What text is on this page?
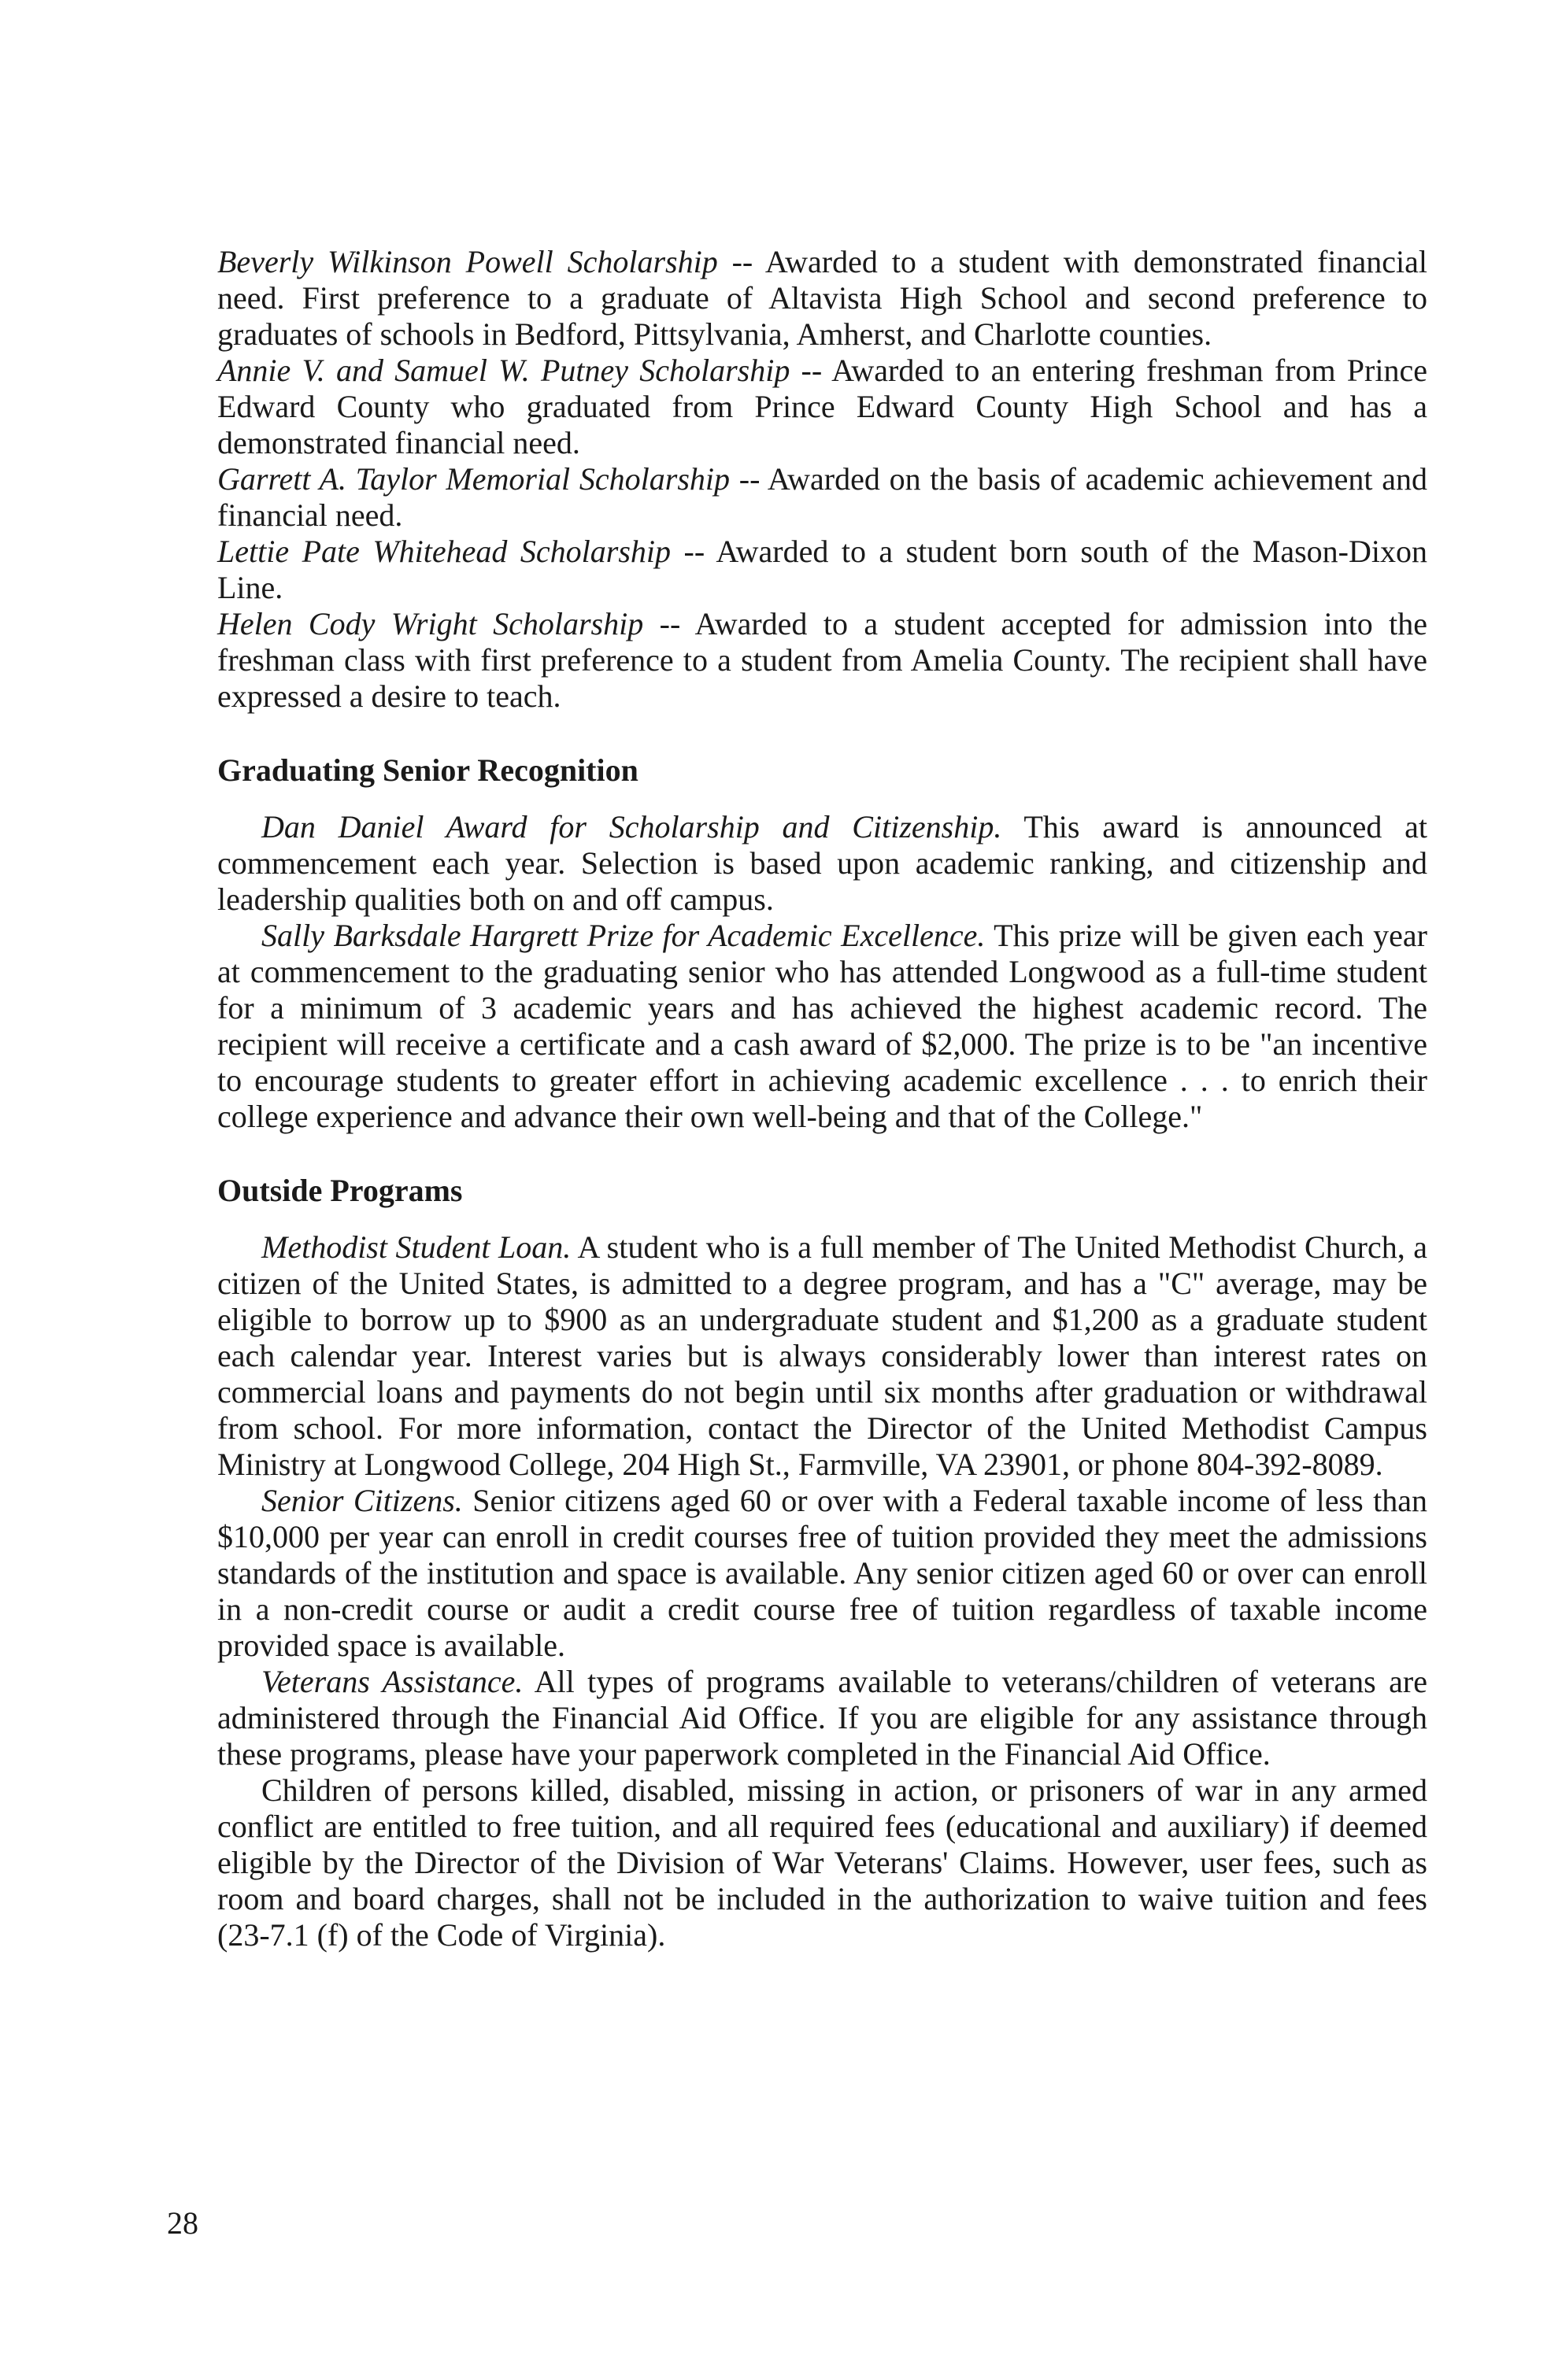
Beverly Wilkinson Powell Scholarship -- Awarded to a student with demonstrated financial need. First preference to a graduate of Altavista High School and second preference to graduates of schools in Bedford, Pittsylvania, Amherst, and Charlotte counties.

Annie V. and Samuel W. Putney Scholarship -- Awarded to an entering freshman from Prince Edward County who graduated from Prince Edward County High School and has a demonstrated financial need.

Garrett A. Taylor Memorial Scholarship -- Awarded on the basis of academic achievement and financial need.

Lettie Pate Whitehead Scholarship -- Awarded to a student born south of the Mason-Dixon Line.

Helen Cody Wright Scholarship -- Awarded to a student accepted for admission into the freshman class with first preference to a student from Amelia County. The recipient shall have expressed a desire to teach.

Graduating Senior Recognition

Dan Daniel Award for Scholarship and Citizenship. This award is announced at commencement each year. Selection is based upon academic ranking, and citizenship and leadership qualities both on and off campus.

Sally Barksdale Hargrett Prize for Academic Excellence. This prize will be given each year at commencement to the graduating senior who has attended Longwood as a full-time student for a minimum of 3 academic years and has achieved the highest academic record. The recipient will receive a certificate and a cash award of $2,000. The prize is to be "an incentive to encourage students to greater effort in achieving academic excellence . . . to enrich their college experience and advance their own well-being and that of the College."

Outside Programs

Methodist Student Loan. A student who is a full member of The United Methodist Church, a citizen of the United States, is admitted to a degree program, and has a "C" average, may be eligible to borrow up to $900 as an undergraduate student and $1,200 as a graduate student each calendar year. Interest varies but is always considerably lower than interest rates on commercial loans and payments do not begin until six months after graduation or withdrawal from school. For more information, contact the Director of the United Methodist Campus Ministry at Longwood College, 204 High St., Farmville, VA 23901, or phone 804-392-8089.

Senior Citizens. Senior citizens aged 60 or over with a Federal taxable income of less than $10,000 per year can enroll in credit courses free of tuition provided they meet the admissions standards of the institution and space is available. Any senior citizen aged 60 or over can enroll in a non-credit course or audit a credit course free of tuition regardless of taxable income provided space is available.

Veterans Assistance. All types of programs available to veterans/children of veterans are administered through the Financial Aid Office. If you are eligible for any assistance through these programs, please have your paperwork completed in the Financial Aid Office.

Children of persons killed, disabled, missing in action, or prisoners of war in any armed conflict are entitled to free tuition, and all required fees (educational and auxiliary) if deemed eligible by the Director of the Division of War Veterans' Claims. However, user fees, such as room and board charges, shall not be included in the authorization to waive tuition and fees (23-7.1 (f) of the Code of Virginia).

28
